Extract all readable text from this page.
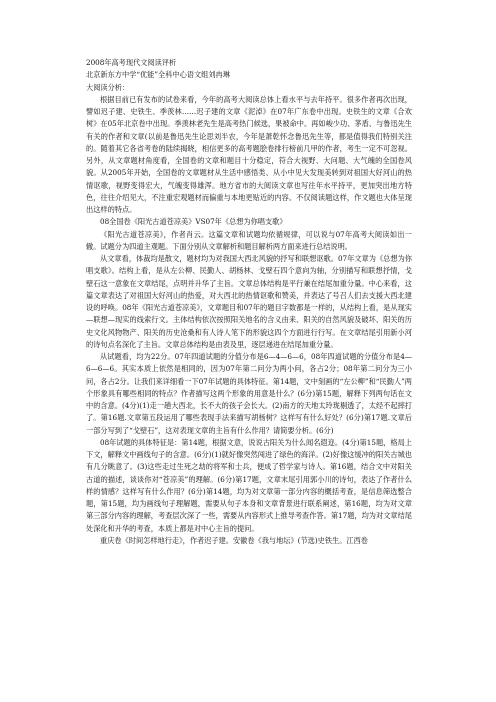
2008年高考现代文阅读评析
北京新东方中学“优能”全科中心语文组刘冉琳
大阅读分析：
根据目前已有发布的试卷来看，今年的高考大阅读总体上看水平与去年持平。很多作者再次出现，譬如迟子建、史铁生、季羡林……迟子建的文章《泥淖》在07年广东卷中出现。史铁生的文章《合欢树》在05年北京卷中出现。季羡林老先生是高考热门候选，果被命中。再如峻少功、茅盾、与鲁迅先生有关的作者和文章(以前是鲁迅先生论思刘半农，今年是萧乾怀念鲁迅先生等，都是值得我们特别关注的。随着其它各省考卷的陆续揭晓，相信更多的高考题脍卷排行榜前几甲的作者，考生一定不可忽视。另外，从文章题材角度看，全国卷的文章和题目十分稳定，符合大视野、大问题、大气魄的全国卷风貌。从2005年开始，全国卷的文章题材从生活中感悟类、从小中见大发现美转到对祖国大好河山的热情讴歌，视野变得宏大，气魄变得雄浑。地方省市的大阅读文章也写往年水平持平，更加突出地方特色，往往介绍见大，不注重宏观题材而偏重与本地更贴近的内容。不仅阅读题这样，作文题也大体呈现出这样的特点。
08全国卷《阳光古道苍凉美》VS07年《总想为你唱支歌》
《阳光古道苍凉美》，作者肖云。这篇文章和试题均依循规律，可以说与07年高考大阅读如出一辙。试题分为四道主观题。下面分别从文章解析和题目解析两方面来进行总结说明。
从文章看，体裁均是散文，题材均为对我国大西北风貌的抒写和联想讴歌。07年文章为《总想为你唱支歌》。结构上看，是从左公柳、民勤人、胡杨林、戈壁石四个意向为轴，分别描写和联想抒情，戈壁石这一意象在文章结尾，点明并升华了主旨。文章总体结构是平行兼在结尾加重分量。中心来看，这篇文章表达了对祖国大好河山的热爱，对大西北的热情讴歌和赞美，并表达了号召人们去支援大西北建设的呼唤。08年《阳光古道苍凉美》，文章题目和07年的题目字数都是一样的，从结构上看，是从现实—联想—现实的线索行文。主体结构依次按照阳关地名的含义由来、阳关的自然风貌及破坏、阳关的历史文化风物物产、阳关的历史沧桑和有人诗人笔下的形貌这四个方面进行行写。在文章结尾引用新小河的诗句点名深化了主旨。文章总体结构是由表及里，逐层递进在结尾加重分量。
从试题看，均为22分。07年四道试题的分值分布是6—4—6—6，08年四道试题的分值分布是4—6—6—6。其实本质上依然是相同的，因为07年第二问分为两小问，各占2分；08年第二问分为三小问，各占2分。让我们来详细看一下07年试题的具体特征。第14题，文中刻画的“左公柳”和“民勤人”两个形象具有哪些相同的特点？作者描写这两个形象的用意是什么？(6分)第15题，解释下列两句话在文中的含意。(4分)(1)走一趟大西北，长不大的孩子会长大。(2)南方的天地太玲珑剔透了，太经不起摔打了。第16题.文章第五段运用了哪些表现手法来描写胡杨树？这样写有什么好处？(6分)第17题.文章后一部分写到了“戈壁石”，这对表现文章的主旨有什么作用？请简要分析。(6分)
08年试题的具体特征是：第14题，根据文意，说说古阳关为什么闻名遐迩。(4分)第15题，格局上下文，解释文中画线句子的含意。(6分)(1)就好像突然闯进了绿色的海洋。(2)好像这缓冲的阳关古城也有几分眺意了。(3)这些走过生死之劫的将军和士兵，便成了哲学家与诗人。第16题，结合文中对阳关古道的描述，谈谈你对“苍凉美”的理解。(6分)第17题，文章末尾引用郭小川的诗句，表达了作者什么样的情感？这样写有什么作用？(6分)第14题，均为对文章第一部分内容的概括考查，是信息筛选整合题，第15题，均为画线句子理解题，需要从句子本身和文章背景进行联系阐述，第16题，均为对文章第三部分内容的理解，考查层次深了一些，需要从内容形式上推导考查作答。第17题，均为对文章结尾处深化和升华的考查，本质上都是对中心主旨的提问。
重庆卷《时间怎样地行走》，作者迟子建。安徽卷《我与地坛》(节选)史铁生。江西卷
